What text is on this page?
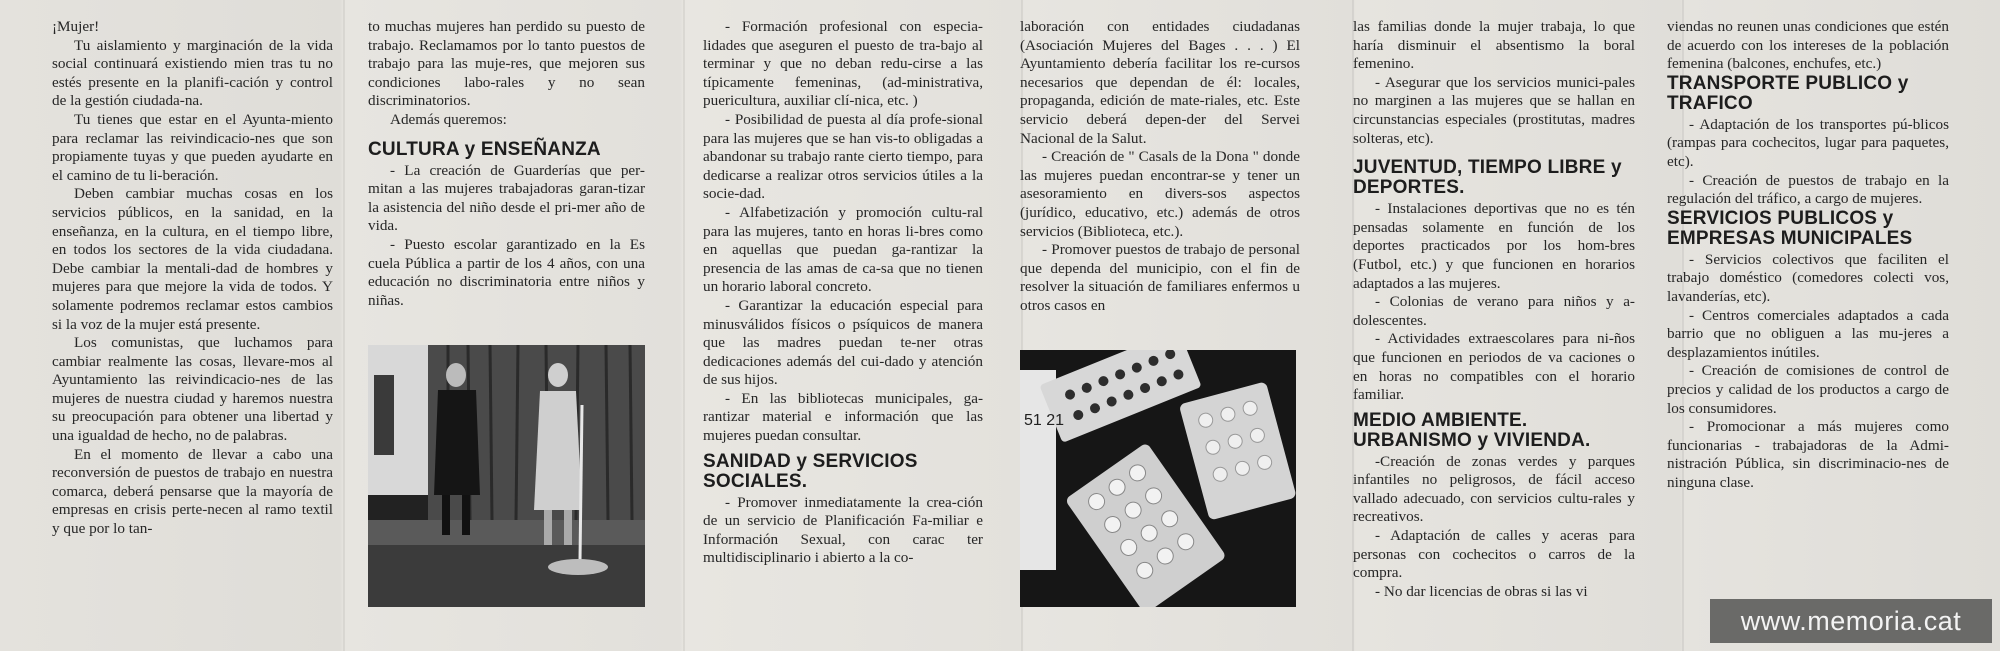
¡Mujer!

Tu aislamiento y marginación de la vida social continuará existiendo mien tras tu no estés presente en la planifi-cación y control de la gestión ciudada-na.

Tu tienes que estar en el Ayunta-miento para reclamar las reivindicacio-nes que son propiamente tuyas y que pueden ayudarte en el camino de tu li-beración.

Deben cambiar muchas cosas en los servicios públicos, en la sanidad, en la enseñanza, en la cultura, en el tiempo libre, en todos los sectores de la vida ciudadana. Debe cambiar la mentali-dad de hombres y mujeres para que mejore la vida de todos. Y solamente podremos reclamar estos cambios si la voz de la mujer está presente.

Los comunistas, que luchamos para cambiar realmente las cosas, llevare-mos al Ayuntamiento las reivindicacio-nes de las mujeres de nuestra ciudad y haremos nuestra su preocupación para obtener una libertad y una igualdad de hecho, no de palabras.

En el momento de llevar a cabo una reconversión de puestos de trabajo en nuestra comarca, deberá pensarse que la mayoría de empresas en crisis perte-necen al ramo textil y que por lo tan-

to muchas mujeres han perdido su puesto de trabajo. Reclamamos por lo tanto puestos de trabajo para las muje-res, que mejoren sus condiciones labo-rales y no sean discriminatorios.

Además queremos:

CULTURA y ENSEÑANZA

- La creación de Guarderías que per-mitan a las mujeres trabajadoras garan-tizar la asistencia del niño desde el pri-mer año de vida.

- Puesto escolar garantizado en la Es cuela Pública a partir de los 4 años, con una educación no discriminatoria entre niños y niñas.

- Formación profesional con especia-lidades que aseguren el puesto de tra-bajo al terminar y que no deban redu-cirse a las típicamente femeninas, (ad-ministrativa, puericultura, auxiliar clí-nica, etc. )

- Posibilidad de puesta al día profe-sional para las mujeres que se han vis-to obligadas a abandonar su trabajo rante cierto tiempo, para dedicarse a realizar otros servicios útiles a la socie-dad.

- Alfabetización y promoción cultu-ral para las mujeres, tanto en horas li-bres como en aquellas que puedan ga-rantizar la presencia de las amas de ca-sa que no tienen un horario laboral concreto.

- Garantizar la educación especial para minusválidos físicos o psíquicos de manera que las madres puedan te-ner otras dedicaciones además del cui-dado y atención de sus hijos.

- En las bibliotecas municipales, ga-rantizar material e información que las mujeres puedan consultar.

SANIDAD y SERVICIOS SOCIALES.

- Promover inmediatamente la crea-ción de un servicio de Planificación Fa-miliar e Información Sexual, con carac ter multidisciplinario i abierto a la co-

laboración con entidades ciudadanas (Asociación Mujeres del Bages . . . ) El Ayuntamiento debería facilitar los re-cursos necesarios que dependan de él: locales, propaganda, edición de mate-riales, etc. Este servicio deberá depen-der del Servei Nacional de la Salut.

- Creación de " Casals de la Dona " donde las mujeres puedan encontrar-se y tener un asesoramiento en divers-sos aspectos (jurídico, educativo, etc.) además de otros servicios (Biblioteca, etc.).

- Promover puestos de trabajo de personal que dependa del municipio, con el fin de resolver la situación de familiares enfermos u otros casos en

51 21

las familias donde la mujer trabaja, lo que haría disminuir el absentismo la boral femenino.

- Asegurar que los servicios munici-pales no marginen a las mujeres que se hallan en circunstancias especiales (prostitutas, madres solteras, etc).

JUVENTUD, TIEMPO LIBRE y DEPORTES.

- Instalaciones deportivas que no es tén pensadas solamente en función de los deportes practicados por los hom-bres (Futbol, etc.) y que funcionen en horarios adaptados a las mujeres.

- Colonias de verano para niños y a-dolescentes.

- Actividades extraescolares para ni-ños que funcionen en periodos de va caciones o en horas no compatibles con el horario familiar.

MEDIO AMBIENTE. URBANISMO y VIVIENDA.

-Creación de zonas verdes y parques infantiles no peligrosos, de fácil acceso vallado adecuado, con servicios cultu-rales y recreativos.

- Adaptación de calles y aceras para personas con cochecitos o carros de la compra.

- No dar licencias de obras si las vi

viendas no reunen unas condiciones que estén de acuerdo con los intereses de la población femenina (balcones, enchufes, etc.)

TRANSPORTE PUBLICO y TRAFICO

- Adaptación de los transportes pú-blicos (rampas para cochecitos, lugar para paquetes, etc).

- Creación de puestos de trabajo en la regulación del tráfico, a cargo de mujeres.

SERVICIOS PUBLICOS y EMPRESAS MUNICIPALES

- Servicios colectivos que faciliten el trabajo doméstico (comedores colecti vos, lavanderías, etc).

- Centros comerciales adaptados a cada barrio que no obliguen a las mu-jeres a desplazamientos inútiles.

- Creación de comisiones de control de precios y calidad de los productos a cargo de los consumidores.

- Promocionar a más mujeres como funcionarias - trabajadoras de la Admi-nistración Pública, sin discriminacio-nes de ninguna clase.

www.memoria.cat
